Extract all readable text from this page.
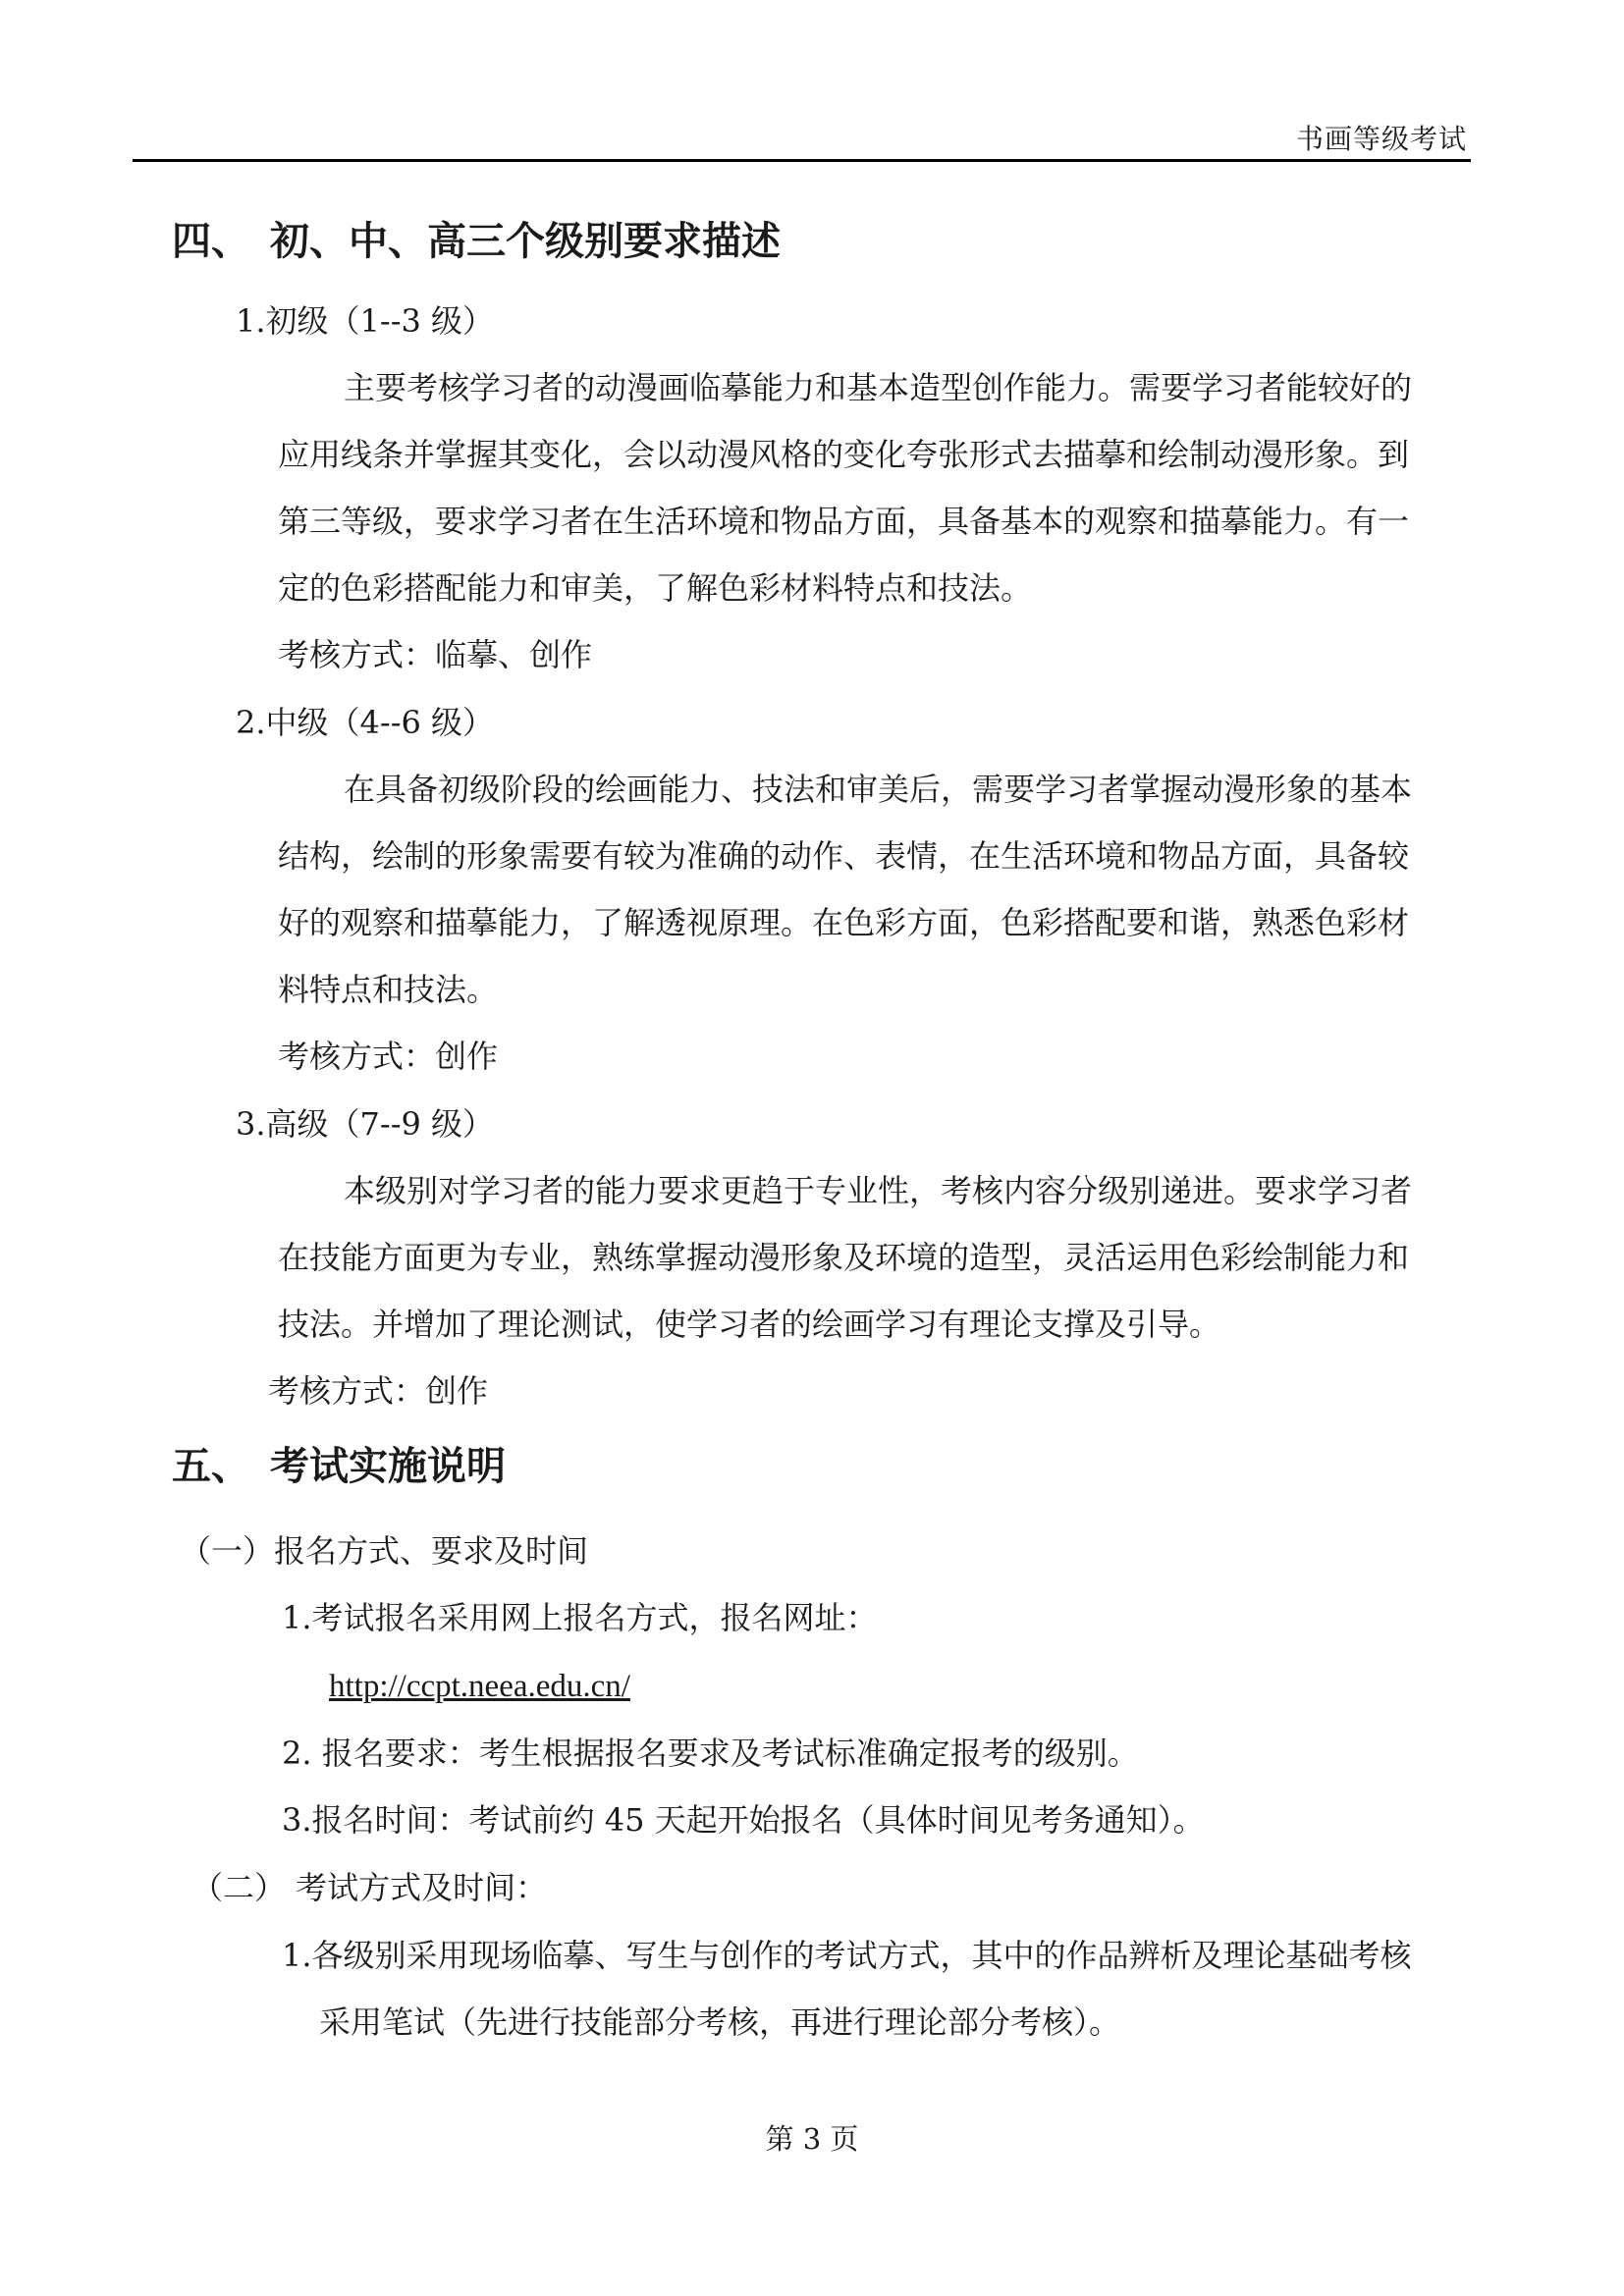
书画等级考试
四、 初、中、高三个级别要求描述
1.初级（1--3 级）
主要考核学习者的动漫画临摹能力和基本造型创作能力。需要学习者能较好的
应用线条并掌握其变化，会以动漫风格的变化夸张形式去描摹和绘制动漫形象。到
第三等级，要求学习者在生活环境和物品方面，具备基本的观察和描摹能力。有一
定的色彩搭配能力和审美，了解色彩材料特点和技法。
考核方式：临摹、创作
2.中级（4--6 级）
在具备初级阶段的绘画能力、技法和审美后，需要学习者掌握动漫形象的基本
结构，绘制的形象需要有较为准确的动作、表情，在生活环境和物品方面，具备较
好的观察和描摹能力，了解透视原理。在色彩方面，色彩搭配要和谐，熟悉色彩材
料特点和技法。
考核方式：创作
3.高级（7--9 级）
本级别对学习者的能力要求更趋于专业性，考核内容分级别递进。要求学习者
在技能方面更为专业，熟练掌握动漫形象及环境的造型，灵活运用色彩绘制能力和
技法。并增加了理论测试，使学习者的绘画学习有理论支撑及引导。
考核方式：创作
五、 考试实施说明
（一）报名方式、要求及时间
1.考试报名采用网上报名方式，报名网址：
http://ccpt.neea.edu.cn/
2. 报名要求：考生根据报名要求及考试标准确定报考的级别。
3.报名时间：考试前约 45 天起开始报名（具体时间见考务通知）。
（二） 考试方式及时间：
1.各级别采用现场临摹、写生与创作的考试方式，其中的作品辨析及理论基础考核
采用笔试（先进行技能部分考核，再进行理论部分考核）。
第 3 页
